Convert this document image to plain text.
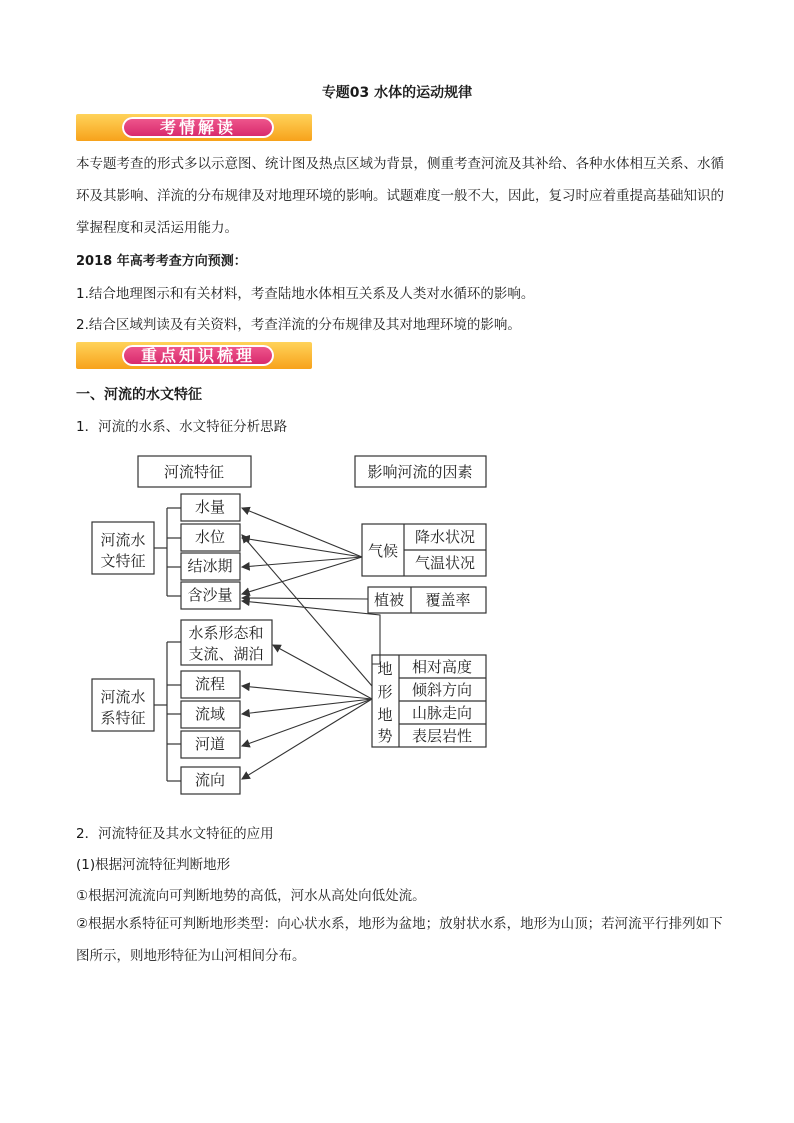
专题03 水体的运动规律
考情解读

本专题考查的形式多以示意图、统计图及热点区域为背景，侧重考查河流及其补给、各种水体相互关系、水循环及其影响、洋流的分布规律及对地理环境的影响。试题难度一般不大，因此，复习时应着重提高基础知识的掌握程度和灵活运用能力。

2018 年高考考查方向预测：
1.结合地理图示和有关材料，考查陆地水体相互关系及人类对水循环的影响。
2.结合区域判读及有关资料，考查洋流的分布规律及其对地理环境的影响。
重点知识梳理
一、河流的水文特征
1．河流的水系、水文特征分析思路
河流特征	影响河流的因素
河流水
文特征
水量
水位
结冰期
含沙量
河流水
系特征
水系形态和
支流、湖泊
流程
流域
河道
流向
气候
降水状况
气温状况
植被 覆盖率
地
形
地
势
相对高度
倾斜方向
山脉走向
表层岩性
2．河流特征及其水文特征的应用
(1)根据河流特征判断地形
①根据河流流向可判断地势的高低，河水从高处向低处流。

②根据水系特征可判断地形类型：向心状水系，地形为盆地；放射状水系，地形为山顶；若河流平行排列如下图所示，则地形特征为山河相间分布。
